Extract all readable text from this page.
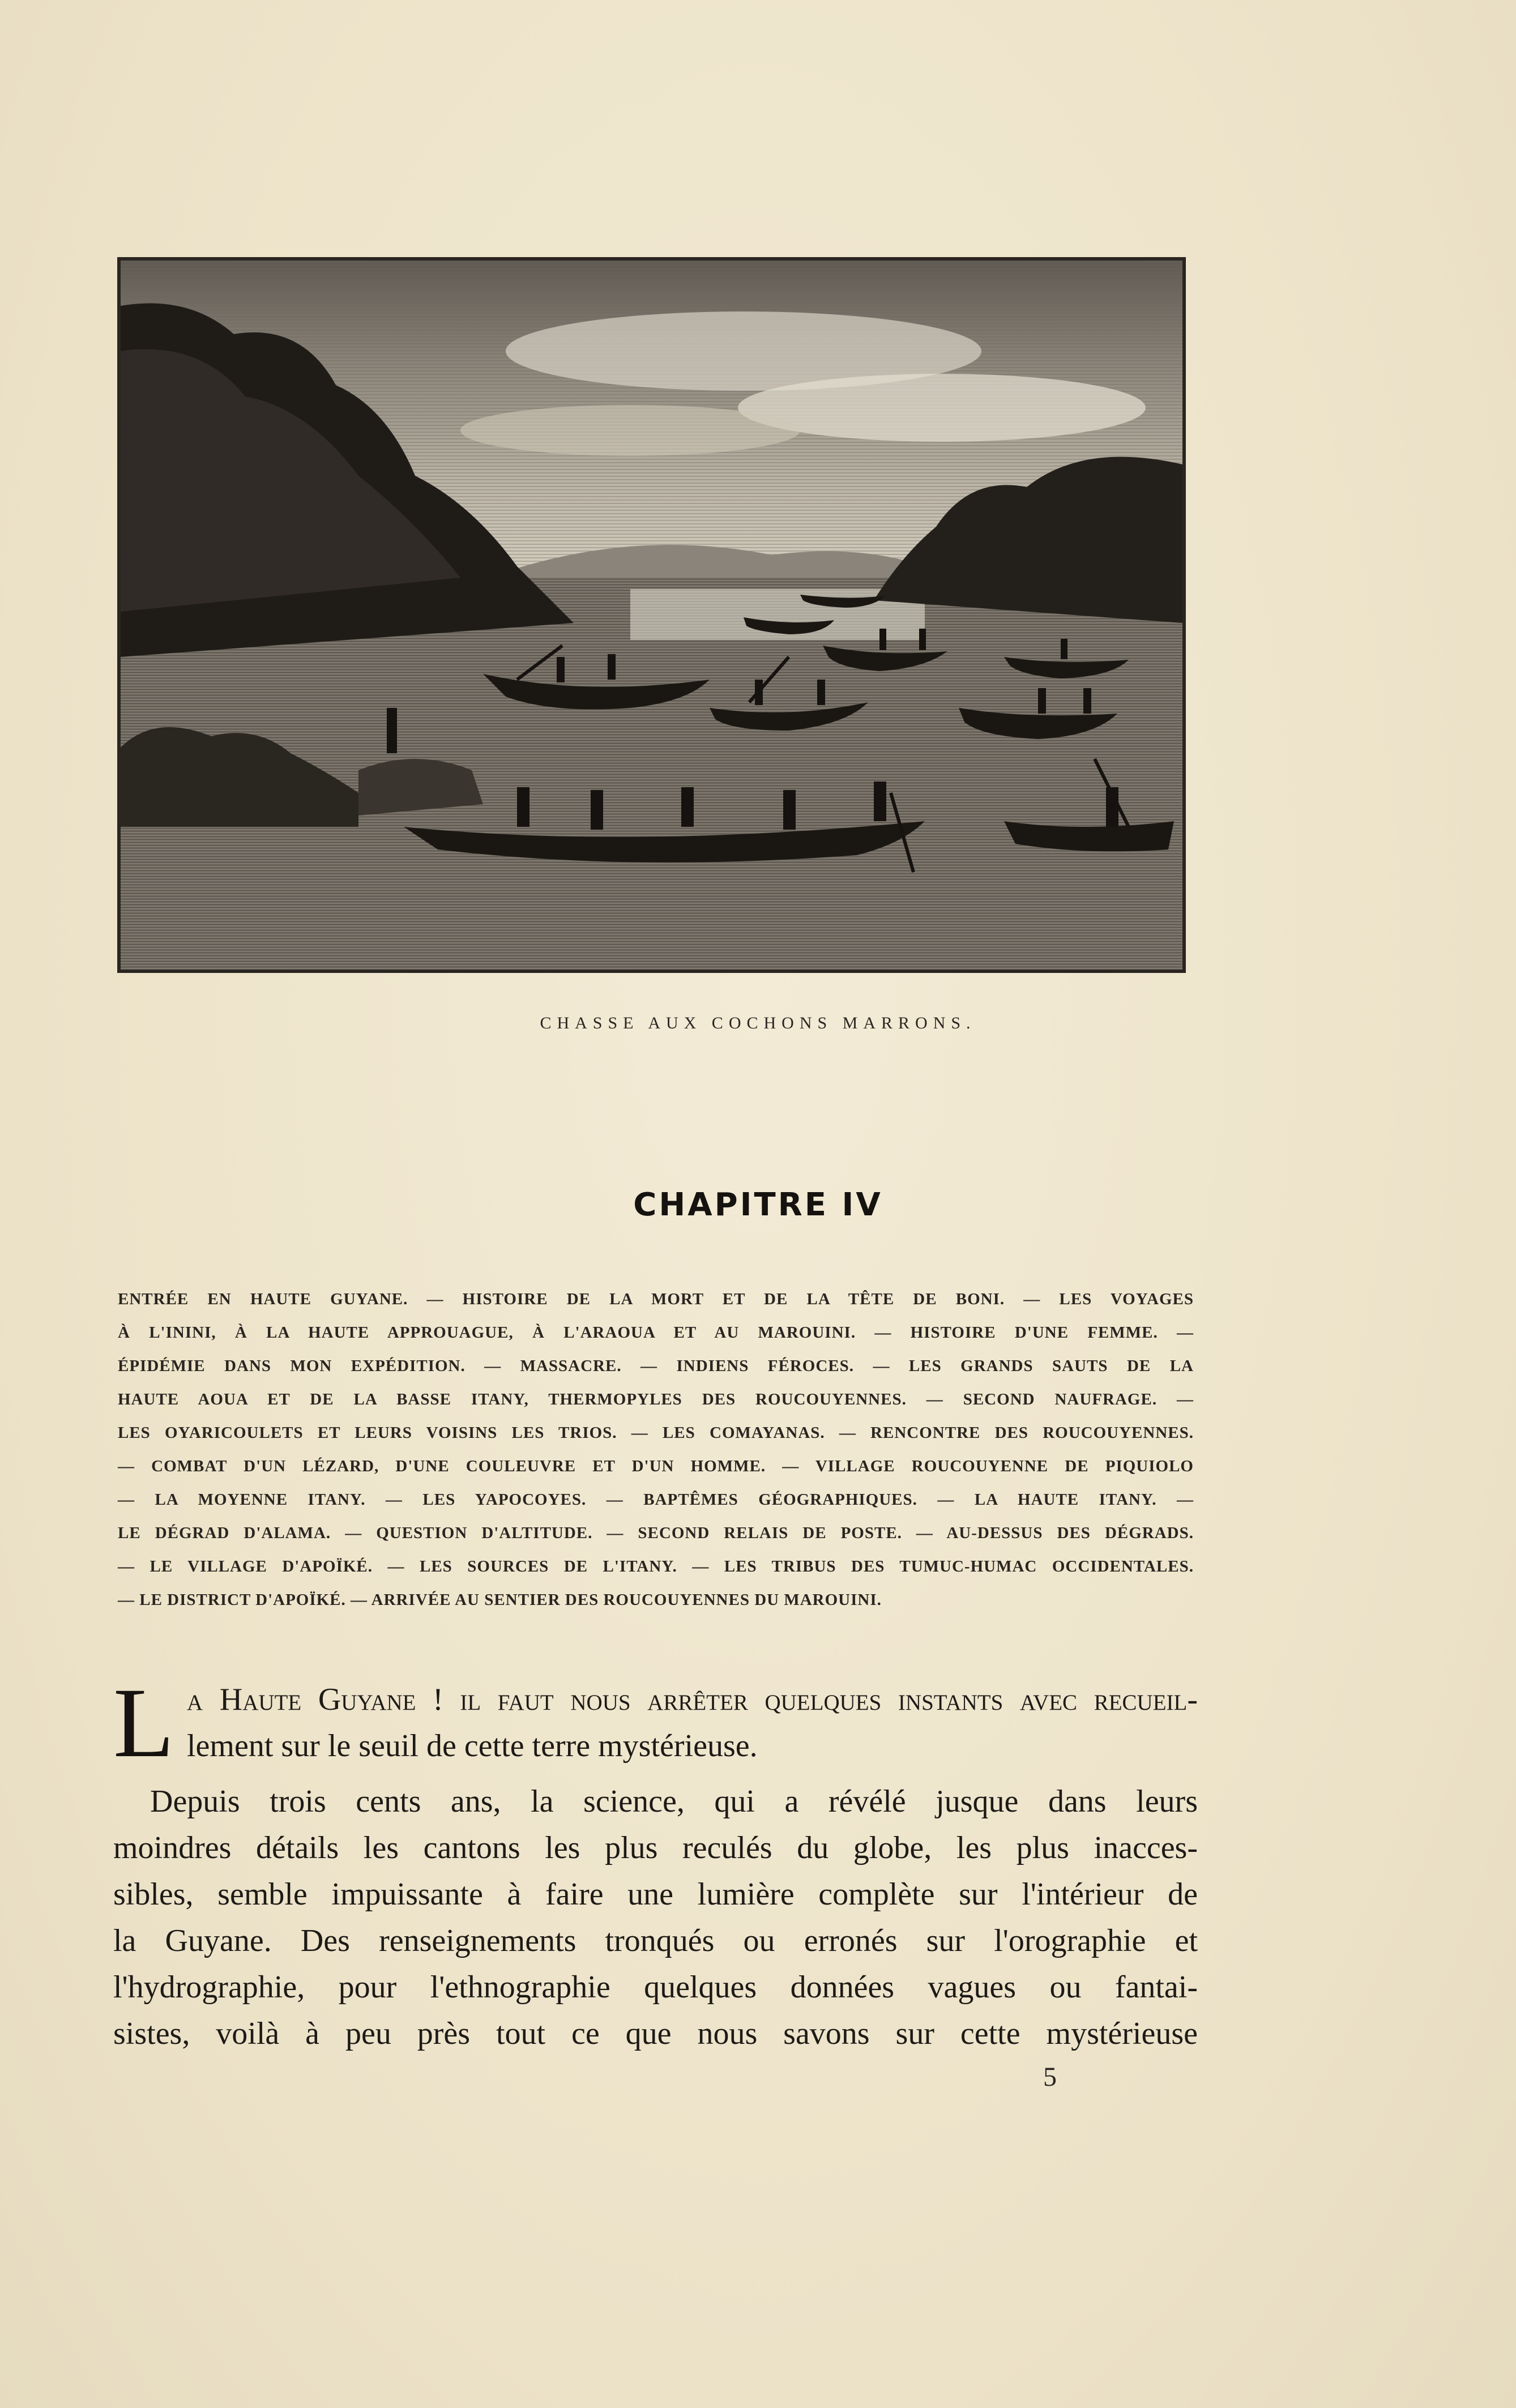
CHASSE AUX COCHONS MARRONS.
CHAPITRE IV
ENTRÉE EN HAUTE GUYANE. — HISTOIRE DE LA MORT ET DE LA TÊTE DE BONI. — LES VOYAGES
À L'ININI, À LA HAUTE APPROUAGUE, À L'ARAOUA ET AU MAROUINI. — HISTOIRE D'UNE FEMME. —
ÉPIDÉMIE DANS MON EXPÉDITION. — MASSACRE. — INDIENS FÉROCES. — LES GRANDS SAUTS DE LA
HAUTE AOUA ET DE LA BASSE ITANY, THERMOPYLES DES ROUCOUYENNES. — SECOND NAUFRAGE. —
LES OYARICOULETS ET LEURS VOISINS LES TRIOS. — LES COMAYANAS. — RENCONTRE DES ROUCOUYENNES.
— COMBAT D'UN LÉZARD, D'UNE COULEUVRE ET D'UN HOMME. — VILLAGE ROUCOUYENNE DE PIQUIOLO
— LA MOYENNE ITANY. — LES YAPOCOYES. — BAPTÊMES GÉOGRAPHIQUES. — LA HAUTE ITANY. —
LE DÉGRAD D'ALAMA. — QUESTION D'ALTITUDE. — SECOND RELAIS DE POSTE. — AU-DESSUS DES DÉGRADS.
— LE VILLAGE D'APOÏKÉ. — LES SOURCES DE L'ITANY. — LES TRIBUS DES TUMUC-HUMAC OCCIDENTALES.
— LE DISTRICT D'APOÏKÉ. — ARRIVÉE AU SENTIER DES ROUCOUYENNES DU MAROUINI.
L a Haute Guyane ! il faut nous arrêter quelques instants avec recueil-
lement sur le seuil de cette terre mystérieuse.
Depuis trois cents ans, la science, qui a révélé jusque dans leurs
moindres détails les cantons les plus reculés du globe, les plus inacces-
sibles, semble impuissante à faire une lumière complète sur l'intérieur de
la Guyane. Des renseignements tronqués ou erronés sur l'orographie et
l'hydrographie, pour l'ethnographie quelques données vagues ou fantai-
sistes, voilà à peu près tout ce que nous savons sur cette mystérieuse
5
